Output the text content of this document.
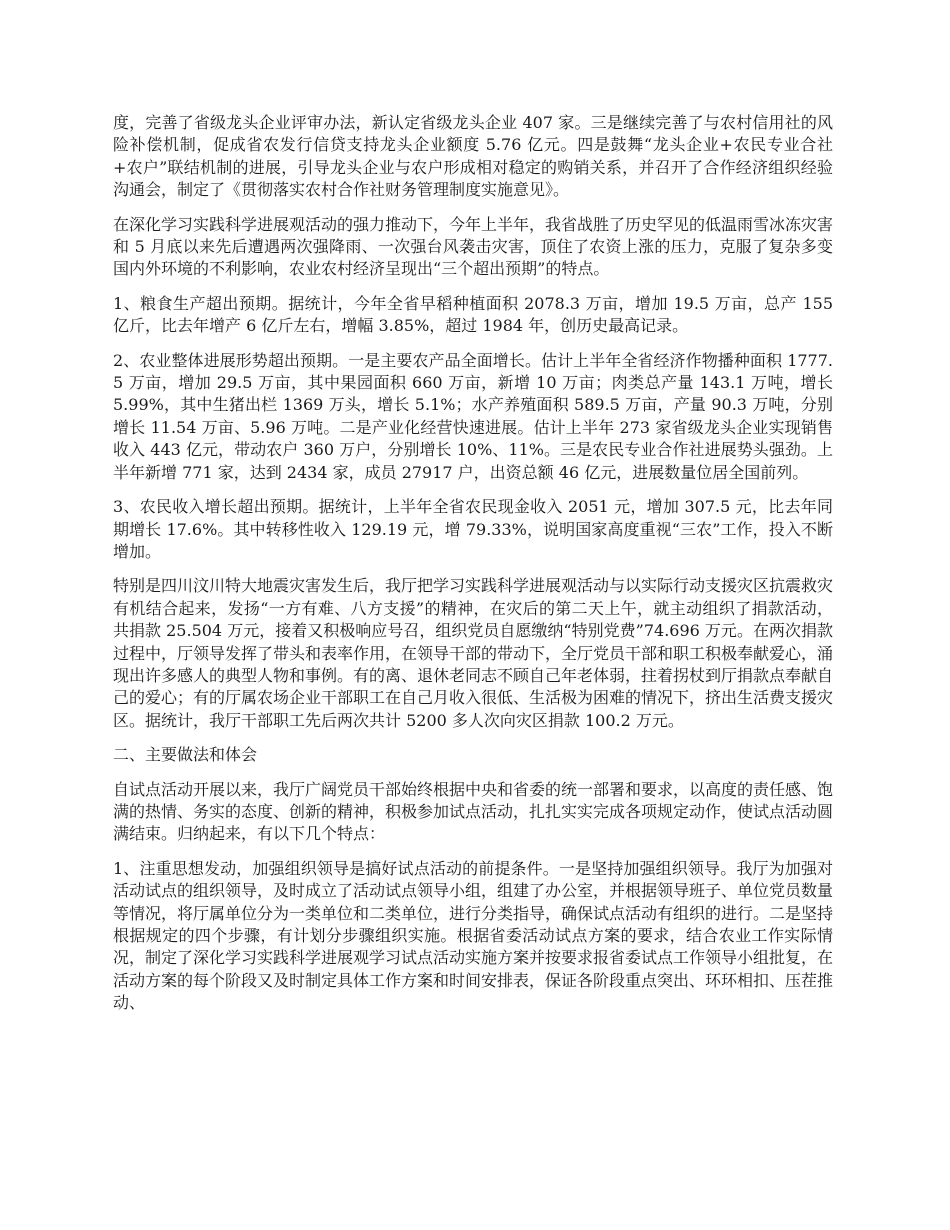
度，完善了省级龙头企业评审办法，新认定省级龙头企业 407 家。三是继续完善了与农村信用社的风险补偿机制，促成省农发行信贷支持龙头企业额度 5.76 亿元。四是鼓舞“龙头企业+农民专业合社+农户”联结机制的进展，引导龙头企业与农户形成相对稳定的购销关系，并召开了合作经济组织经验沟通会，制定了《贯彻落实农村合作社财务管理制度实施意见》。

在深化学习实践科学进展观活动的强力推动下，今年上半年，我省战胜了历史罕见的低温雨雪冰冻灾害和 5 月底以来先后遭遇两次强降雨、一次强台风袭击灾害，顶住了农资上涨的压力，克服了复杂多变国内外环境的不利影响，农业农村经济呈现出“三个超出预期”的特点。

1、粮食生产超出预期。据统计，今年全省早稻种植面积 2078.3 万亩，增加 19.5 万亩，总产 155 亿斤，比去年增产 6 亿斤左右，增幅 3.85%，超过 1984 年，创历史最高记录。

2、农业整体进展形势超出预期。一是主要农产品全面增长。估计上半年全省经济作物播种面积 1777.5 万亩，增加 29.5 万亩，其中果园面积 660 万亩，新增 10 万亩；肉类总产量 143.1 万吨，增长 5.99%，其中生猪出栏 1369 万头，增长 5.1%；水产养殖面积 589.5 万亩，产量 90.3 万吨，分别增长 11.54 万亩、5.96 万吨。二是产业化经营快速进展。估计上半年 273 家省级龙头企业实现销售收入 443 亿元，带动农户 360 万户，分别增长 10%、11%。三是农民专业合作社进展势头强劲。上半年新增 771 家，达到 2434 家，成员 27917 户，出资总额 46 亿元，进展数量位居全国前列。

3、农民收入增长超出预期。据统计，上半年全省农民现金收入 2051 元，增加 307.5 元，比去年同期增长 17.6%。其中转移性收入 129.19 元，增 79.33%，说明国家高度重视“三农”工作，投入不断增加。

特别是四川汶川特大地震灾害发生后，我厅把学习实践科学进展观活动与以实际行动支援灾区抗震救灾有机结合起来，发扬“一方有难、八方支援”的精神，在灾后的第二天上午，就主动组织了捐款活动，共捐款 25.504 万元，接着又积极响应号召，组织党员自愿缴纳“特别党费”74.696 万元。在两次捐款过程中，厅领导发挥了带头和表率作用，在领导干部的带动下，全厅党员干部和职工积极奉献爱心，涌现出许多感人的典型人物和事例。有的离、退休老同志不顾自己年老体弱，拄着拐杖到厅捐款点奉献自己的爱心；有的厅属农场企业干部职工在自己月收入很低、生活极为困难的情况下，挤出生活费支援灾区。据统计，我厅干部职工先后两次共计 5200 多人次向灾区捐款 100.2 万元。

二、主要做法和体会

自试点活动开展以来，我厅广阔党员干部始终根据中央和省委的统一部署和要求，以高度的责任感、饱满的热情、务实的态度、创新的精神，积极参加试点活动，扎扎实实完成各项规定动作，使试点活动圆满结束。归纳起来，有以下几个特点：

1、注重思想发动，加强组织领导是搞好试点活动的前提条件。一是坚持加强组织领导。我厅为加强对活动试点的组织领导，及时成立了活动试点领导小组，组建了办公室，并根据领导班子、单位党员数量等情况，将厅属单位分为一类单位和二类单位，进行分类指导，确保试点活动有组织的进行。二是坚持根据规定的四个步骤，有计划分步骤组织实施。根据省委活动试点方案的要求，结合农业工作实际情况，制定了深化学习实践科学进展观学习试点活动实施方案并按要求报省委试点工作领导小组批复，在活动方案的每个阶段又及时制定具体工作方案和时间安排表，保证各阶段重点突出、环环相扣、压茬推动、
